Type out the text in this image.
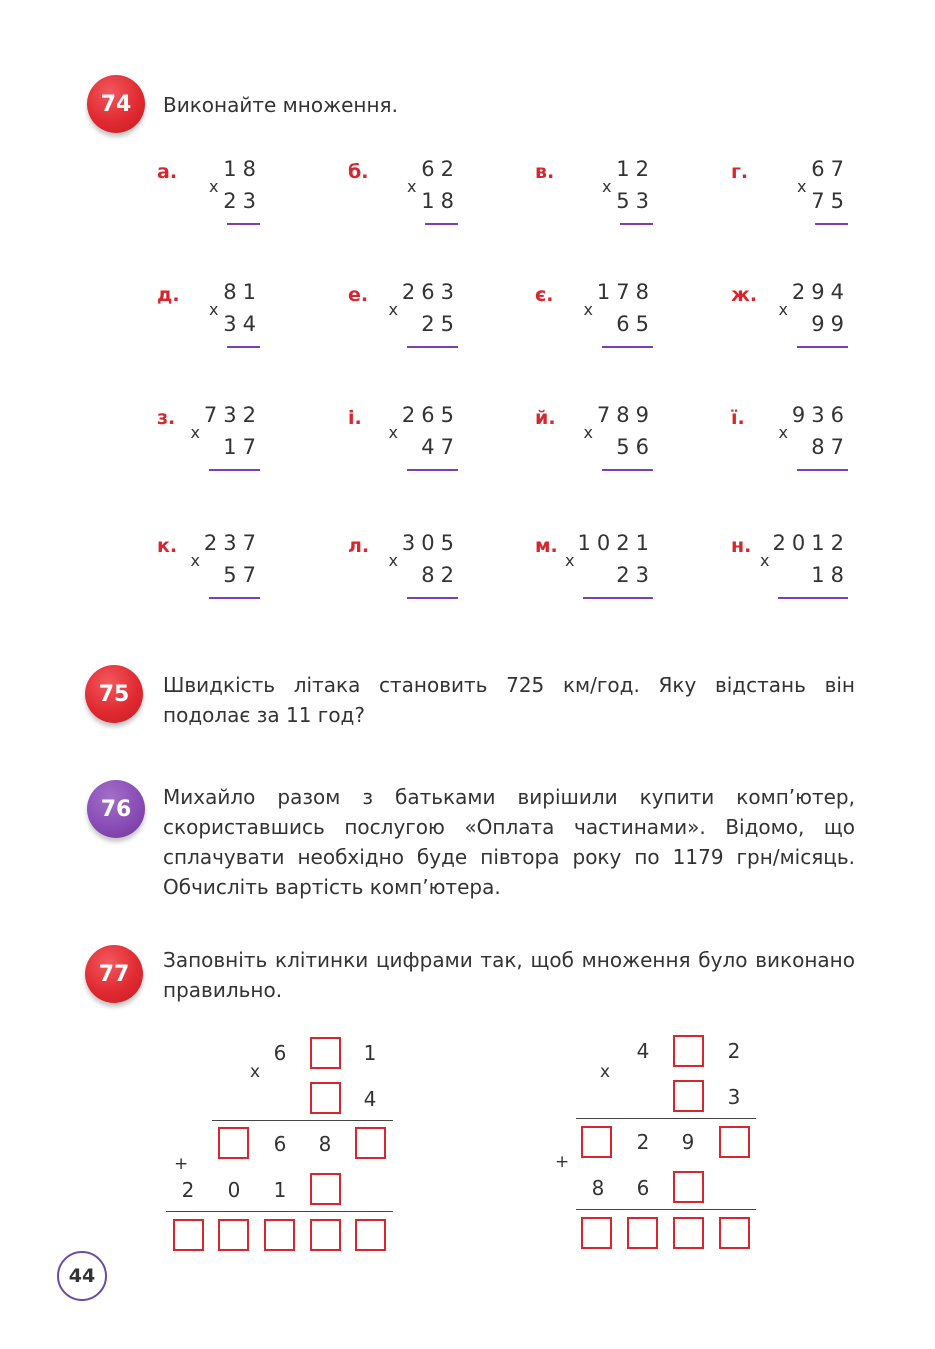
74 Виконайте множення.

а. 18
23
x
б.	62
18
x
в.	12
53
x
г.	67
75
x
д. 81
34
x
е. 263
25
x
є. 178
65
x
ж. 294
99
x
з. 732
17
x
і. 265
47
x
й. 789
56
x
ї. 936
87
x
к. 237
57
x
л. 305
82
x
м. 1021
23
x
н. 2012
18
x
75 Швидкість літака становить 725 км/год. Яку відстань він подолає за 11 год?

76 Михайло разом з батьками вирішили купити комп’ютер, скориставшись послугою «Оплата частинами». Відомо, що сплачувати необхідно буде півтора року по 1179 грн/місяць. Обчисліть вартість комп’ютера.

77

Заповніть клітинки цифрами так, щоб множення було виконано правильно.

6	1
x
4
6 8
+
2 0 1
4	2
x
3
2 9
+
8 6
44
